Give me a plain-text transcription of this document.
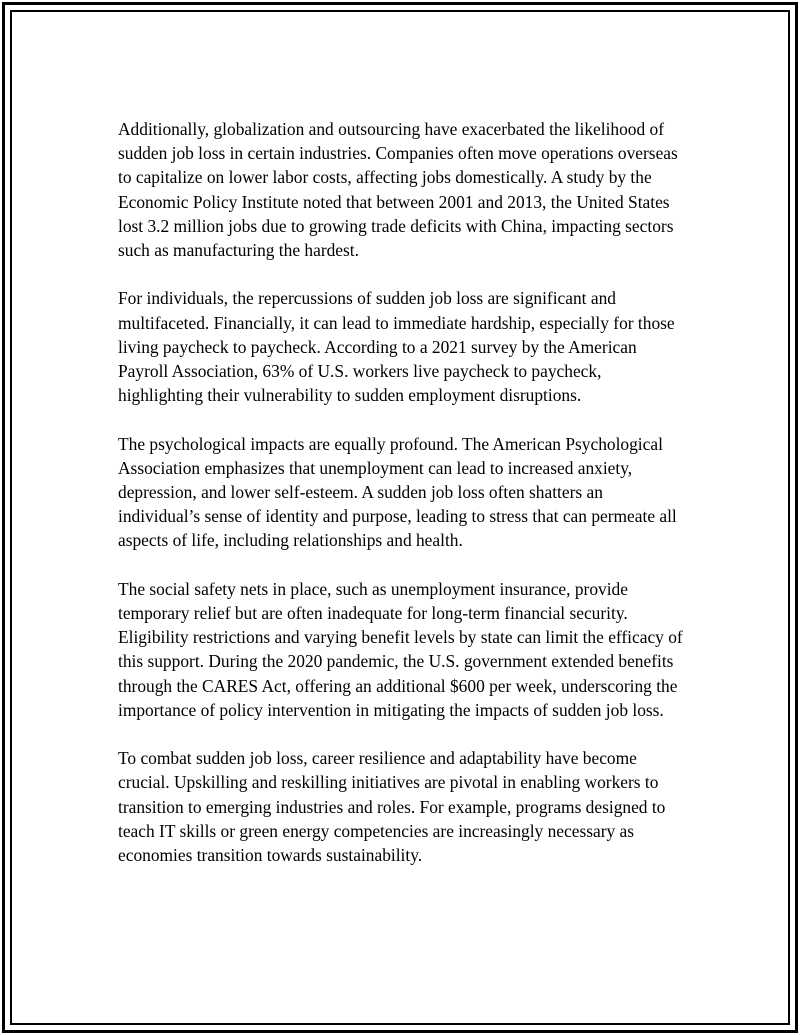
Additionally, globalization and outsourcing have exacerbated the likelihood of sudden job loss in certain industries. Companies often move operations overseas to capitalize on lower labor costs, affecting jobs domestically. A study by the Economic Policy Institute noted that between 2001 and 2013, the United States lost 3.2 million jobs due to growing trade deficits with China, impacting sectors such as manufacturing the hardest.

For individuals, the repercussions of sudden job loss are significant and multifaceted. Financially, it can lead to immediate hardship, especially for those living paycheck to paycheck. According to a 2021 survey by the American Payroll Association, 63% of U.S. workers live paycheck to paycheck, highlighting their vulnerability to sudden employment disruptions.

The psychological impacts are equally profound. The American Psychological Association emphasizes that unemployment can lead to increased anxiety, depression, and lower self-esteem. A sudden job loss often shatters an individual’s sense of identity and purpose, leading to stress that can permeate all aspects of life, including relationships and health.

The social safety nets in place, such as unemployment insurance, provide temporary relief but are often inadequate for long-term financial security. Eligibility restrictions and varying benefit levels by state can limit the efficacy of this support. During the 2020 pandemic, the U.S. government extended benefits through the CARES Act, offering an additional $600 per week, underscoring the importance of policy intervention in mitigating the impacts of sudden job loss.

To combat sudden job loss, career resilience and adaptability have become crucial. Upskilling and reskilling initiatives are pivotal in enabling workers to transition to emerging industries and roles. For example, programs designed to teach IT skills or green energy competencies are increasingly necessary as economies transition towards sustainability.
